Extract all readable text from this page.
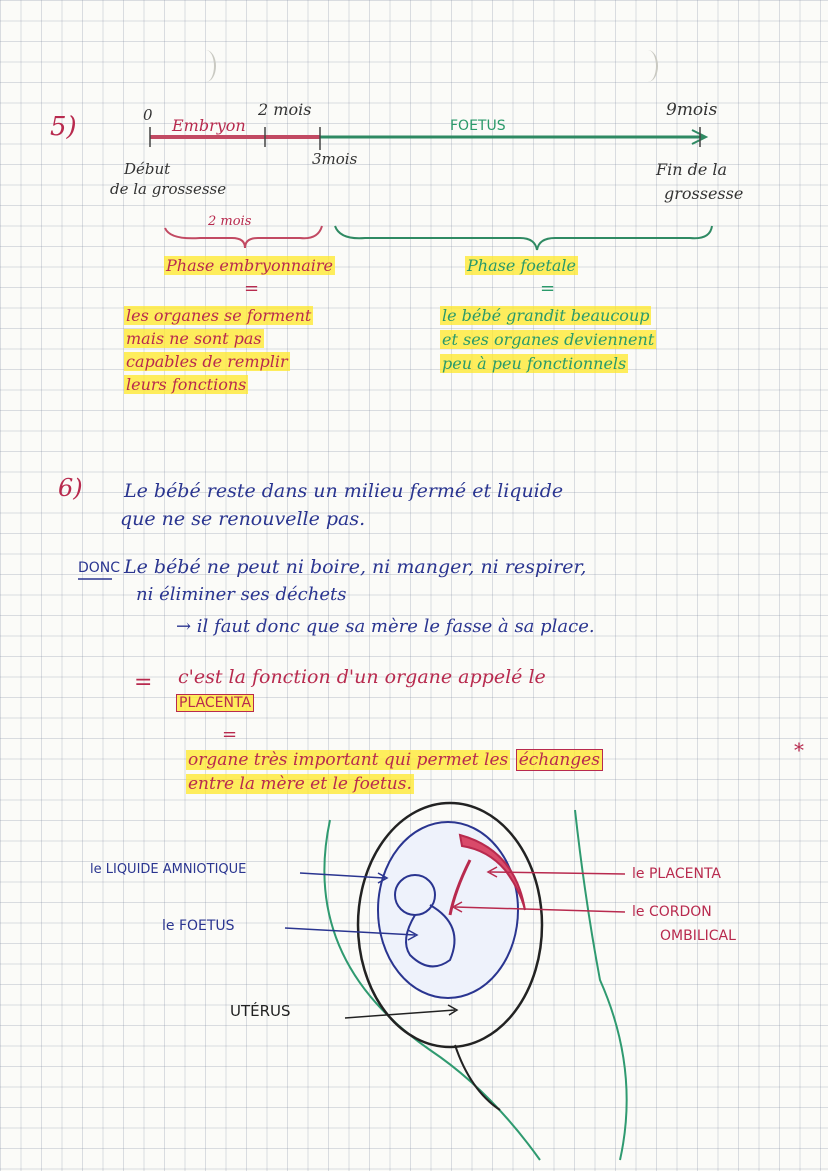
5)	0	2 mois	9mois
Embryon	FOETUS
3mois
Début
de la grossesse
Fin de la
grossesse
2 mois
Phase embryonnaire
=
les organes se forment
mais ne sont pas
capables de remplir
leurs fonctions
Phase foetale
=
le bébé grandit beaucoup
et ses organes deviennent
peu à peu fonctionnels
6) Le bébé reste dans un milieu fermé et liquide
que ne se renouvelle pas.
DONC Le bébé ne peut ni boire, ni manger, ni respirer,
ni éliminer ses déchets
→ il faut donc que sa mère le fasse à sa place.
= c'est la fonction d'un organe appelé le
PLACENTA
=
organe très important qui permet les échanges	*
entre la mère et le foetus.
le LIQUIDE AMNIOTIQUE
le FOETUS
UTÉRUS
le PLACENTA
le CORDON
OMBILICAL
